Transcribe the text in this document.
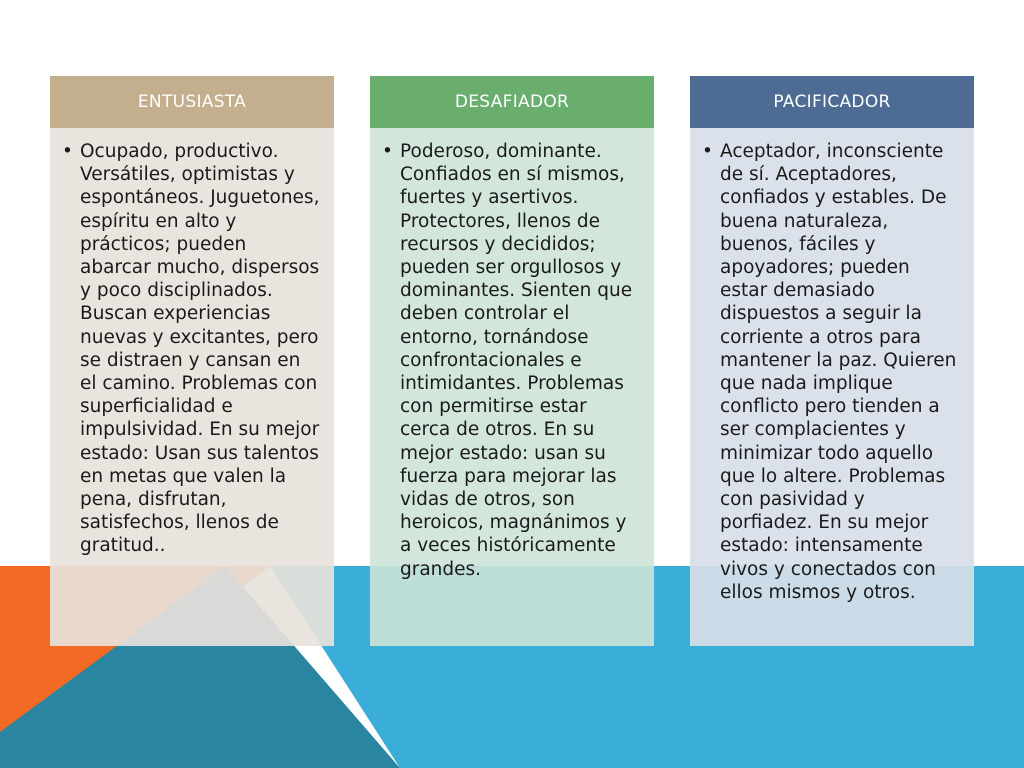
ENTUSIASTA
• Ocupado, productivo. Versátiles, optimistas y espontáneos. Juguetones, espíritu en alto y prácticos; pueden abarcar mucho, dispersos y poco disciplinados. Buscan experiencias nuevas y excitantes, pero se distraen y cansan en el camino. Problemas con superficialidad e impulsividad. En su mejor estado: Usan sus talentos en metas que valen la pena, disfrutan, satisfechos, llenos de gratitud..
DESAFIADOR
• Poderoso, dominante. Confiados en sí mismos, fuertes y asertivos. Protectores, llenos de recursos y decididos; pueden ser orgullosos y dominantes. Sienten que deben controlar el entorno, tornándose confrontacionales e intimidantes. Problemas con permitirse estar cerca de otros. En su mejor estado: usan su fuerza para mejorar las vidas de otros, son heroicos, magnánimos y a veces históricamente grandes.
PACIFICADOR
• Aceptador, inconsciente de sí. Aceptadores, confiados y estables. De buena naturaleza, buenos, fáciles y apoyadores; pueden estar demasiado dispuestos a seguir la corriente a otros para mantener la paz. Quieren que nada implique conflicto pero tienden a ser complacientes y minimizar todo aquello que lo altere. Problemas con pasividad y porfiadez. En su mejor estado: intensamente vivos y conectados con ellos mismos y otros.
